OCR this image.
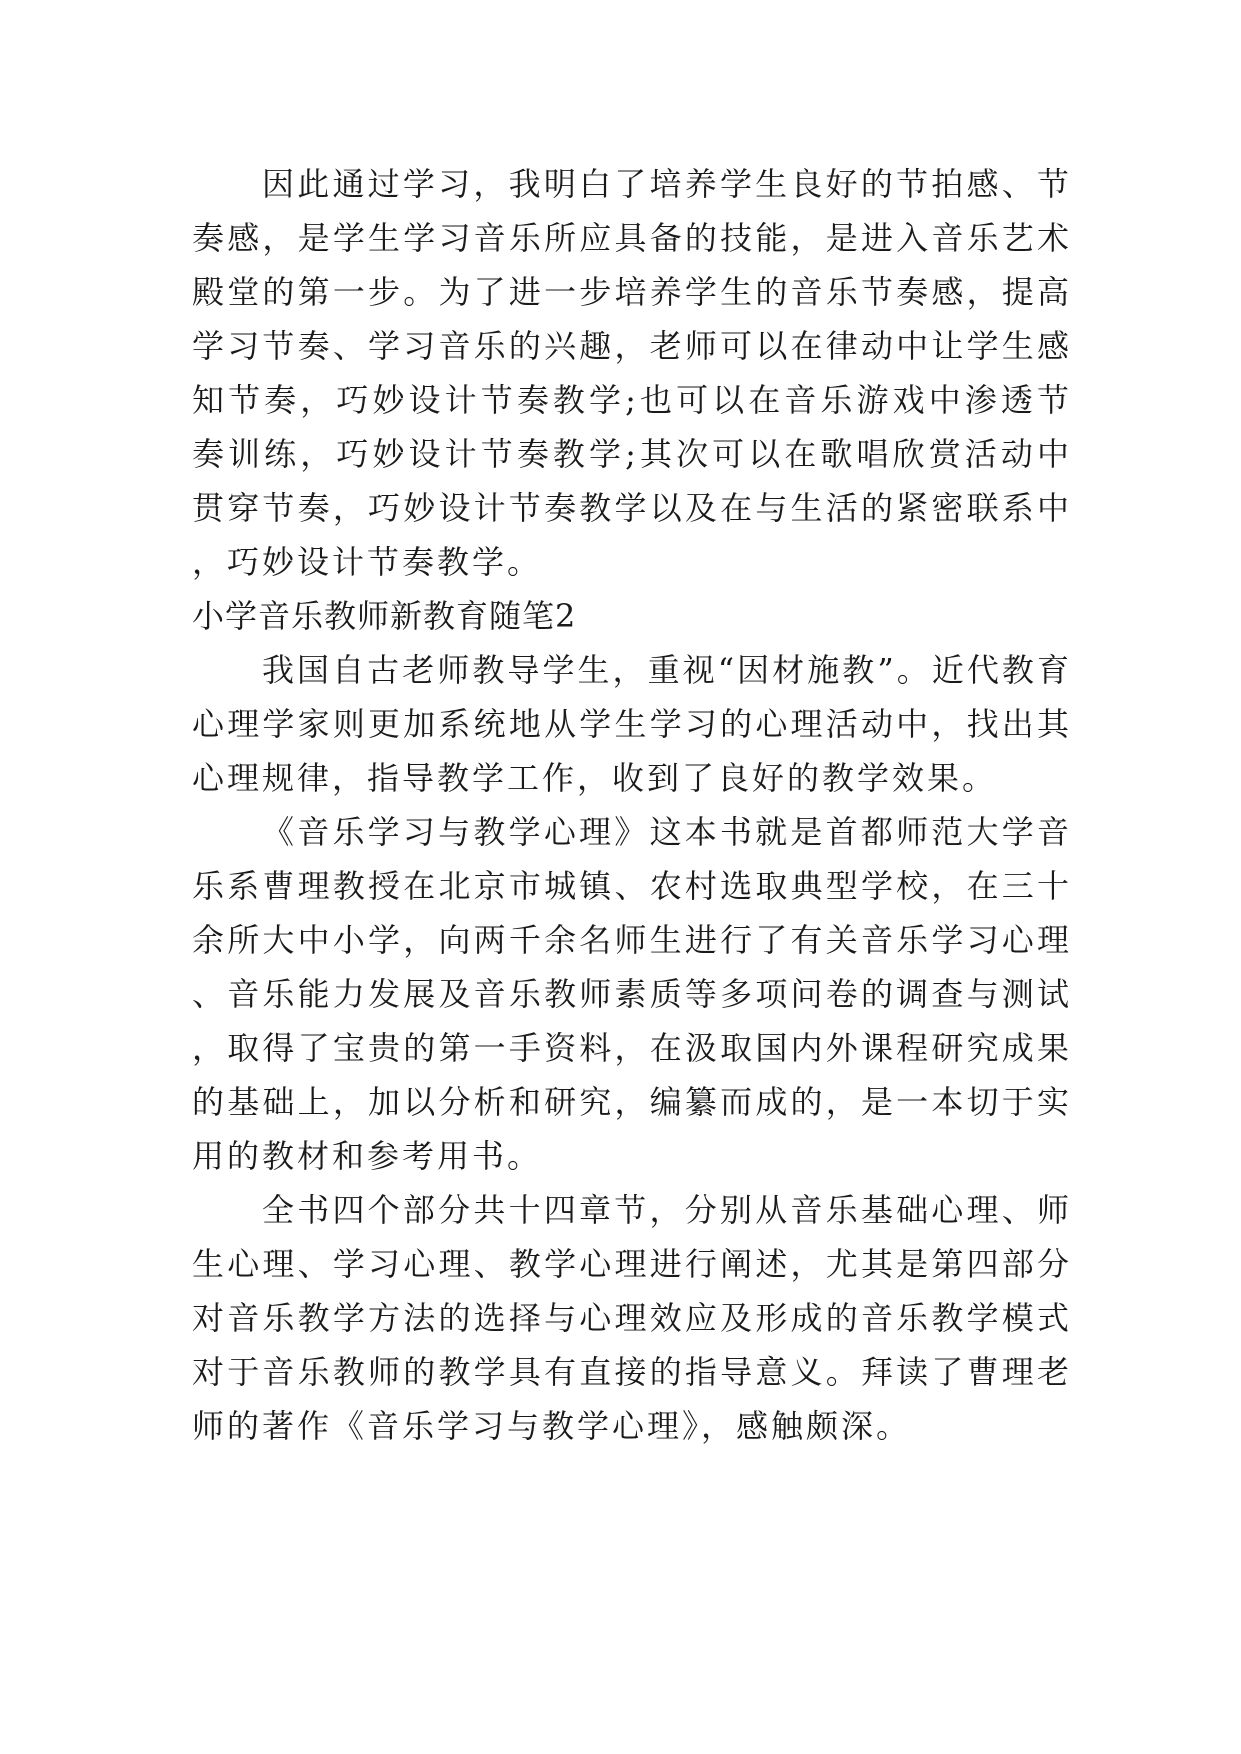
因此通过学习，我明白了培养学生良好的节拍感、节奏感，是学生学习音乐所应具备的技能，是进入音乐艺术殿堂的第一步。为了进一步培养学生的音乐节奏感，提高学习节奏、学习音乐的兴趣，老师可以在律动中让学生感知节奏，巧妙设计节奏教学;也可以在音乐游戏中渗透节奏训练，巧妙设计节奏教学;其次可以在歌唱欣赏活动中贯穿节奏，巧妙设计节奏教学以及在与生活的紧密联系中，巧妙设计节奏教学。

小学音乐教师新教育随笔2

我国自古老师教导学生，重视“因材施教”。近代教育心理学家则更加系统地从学生学习的心理活动中，找出其心理规律，指导教学工作，收到了良好的教学效果。

《音乐学习与教学心理》这本书就是首都师范大学音乐系曹理教授在北京市城镇、农村选取典型学校，在三十余所大中小学，向两千余名师生进行了有关音乐学习心理、音乐能力发展及音乐教师素质等多项问卷的调查与测试，取得了宝贵的第一手资料，在汲取国内外课程研究成果的基础上，加以分析和研究，编纂而成的，是一本切于实用的教材和参考用书。

全书四个部分共十四章节，分别从音乐基础心理、师生心理、学习心理、教学心理进行阐述，尤其是第四部分对音乐教学方法的选择与心理效应及形成的音乐教学模式对于音乐教师的教学具有直接的指导意义。拜读了曹理老师的著作《音乐学习与教学心理》，感触颇深。
